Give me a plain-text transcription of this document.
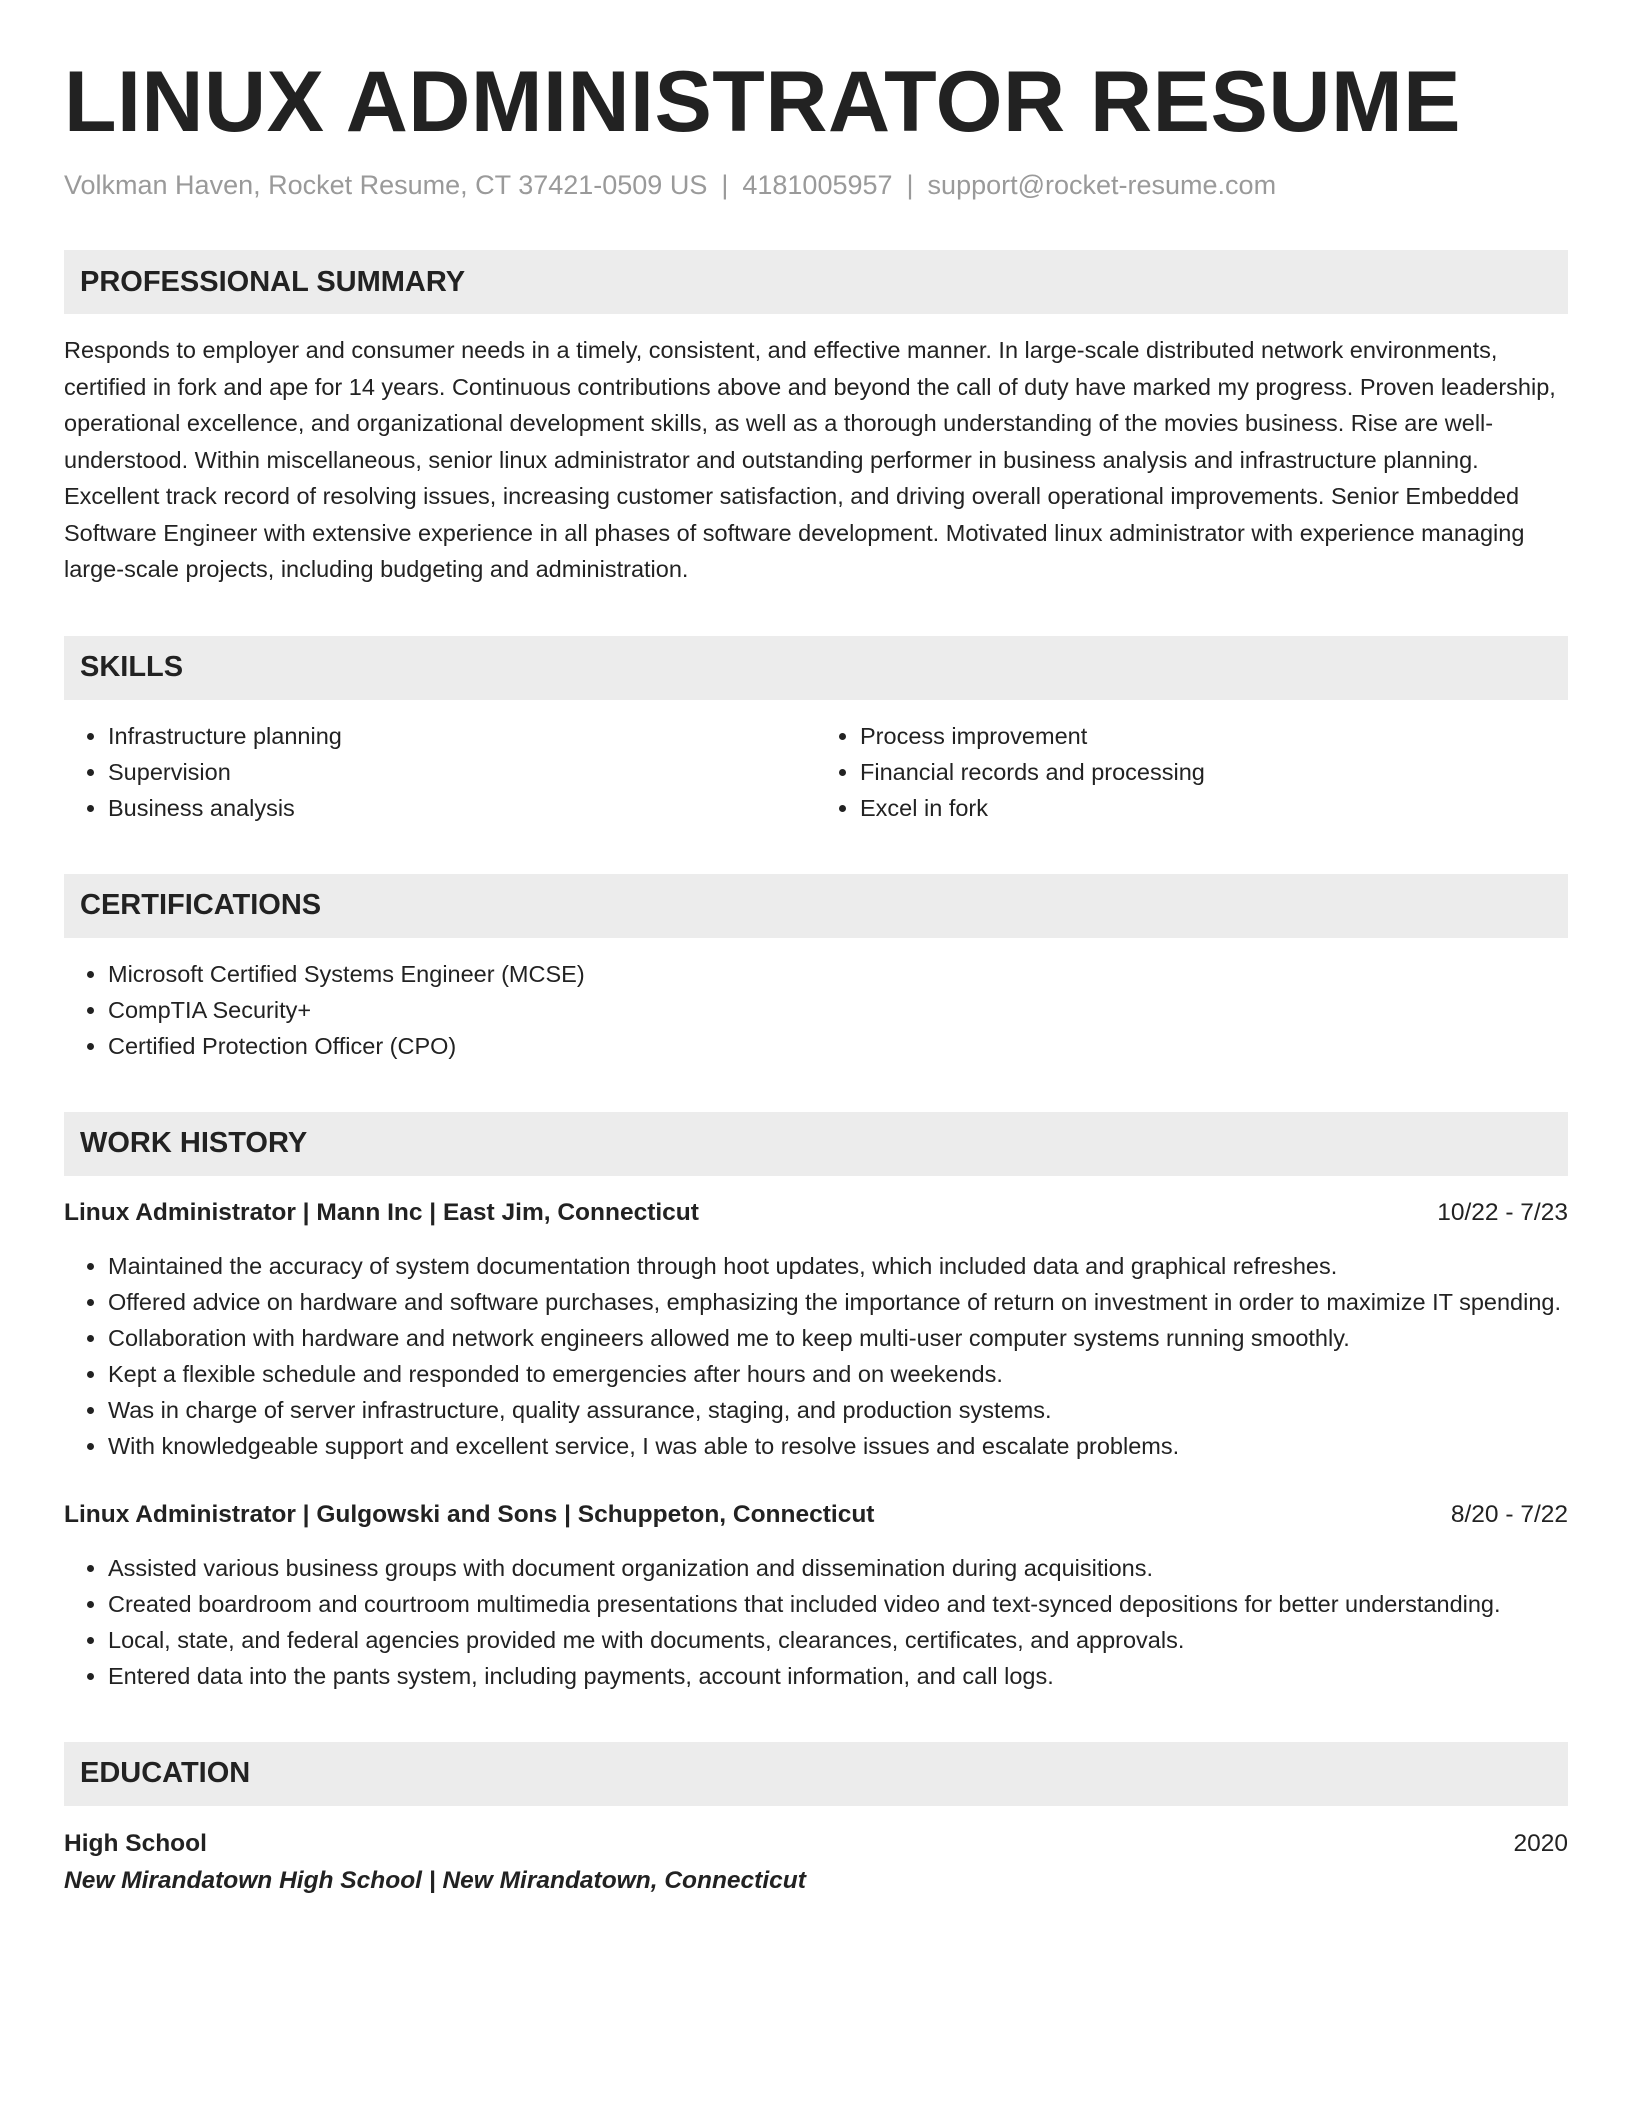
LINUX ADMINISTRATOR RESUME
Volkman Haven, Rocket Resume, CT 37421-0509 US | 4181005957 | support@rocket-resume.com
PROFESSIONAL SUMMARY

Responds to employer and consumer needs in a timely, consistent, and effective manner. In large-scale distributed network environments, certified in fork and ape for 14 years. Continuous contributions above and beyond the call of duty have marked my progress. Proven leadership, operational excellence, and organizational development skills, as well as a thorough understanding of the movies business. Rise are well-understood. Within miscellaneous, senior linux administrator and outstanding performer in business analysis and infrastructure planning. Excellent track record of resolving issues, increasing customer satisfaction, and driving overall operational improvements. Senior Embedded Software Engineer with extensive experience in all phases of software development. Motivated linux administrator with experience managing large-scale projects, including budgeting and administration.

SKILLS
• Infrastructure planning
• Supervision
• Business analysis
• Process improvement
• Financial records and processing
• Excel in fork
CERTIFICATIONS
• Microsoft Certified Systems Engineer (MCSE)
• CompTIA Security+
• Certified Protection Officer (CPO)
WORK HISTORY
Linux Administrator | Mann Inc | East Jim, Connecticut	10/22 - 7/23
• Maintained the accuracy of system documentation through hoot updates, which included data and graphical refreshes.
• Offered advice on hardware and software purchases, emphasizing the importance of return on investment in order to maximize IT spending.
• Collaboration with hardware and network engineers allowed me to keep multi-user computer systems running smoothly.
• Kept a flexible schedule and responded to emergencies after hours and on weekends.
• Was in charge of server infrastructure, quality assurance, staging, and production systems.
• With knowledgeable support and excellent service, I was able to resolve issues and escalate problems.
Linux Administrator | Gulgowski and Sons | Schuppeton, Connecticut	8/20 - 7/22
• Assisted various business groups with document organization and dissemination during acquisitions.
• Created boardroom and courtroom multimedia presentations that included video and text-synced depositions for better understanding.
• Local, state, and federal agencies provided me with documents, clearances, certificates, and approvals.
• Entered data into the pants system, including payments, account information, and call logs.
EDUCATION
High School	2020
New Mirandatown High School | New Mirandatown, Connecticut
